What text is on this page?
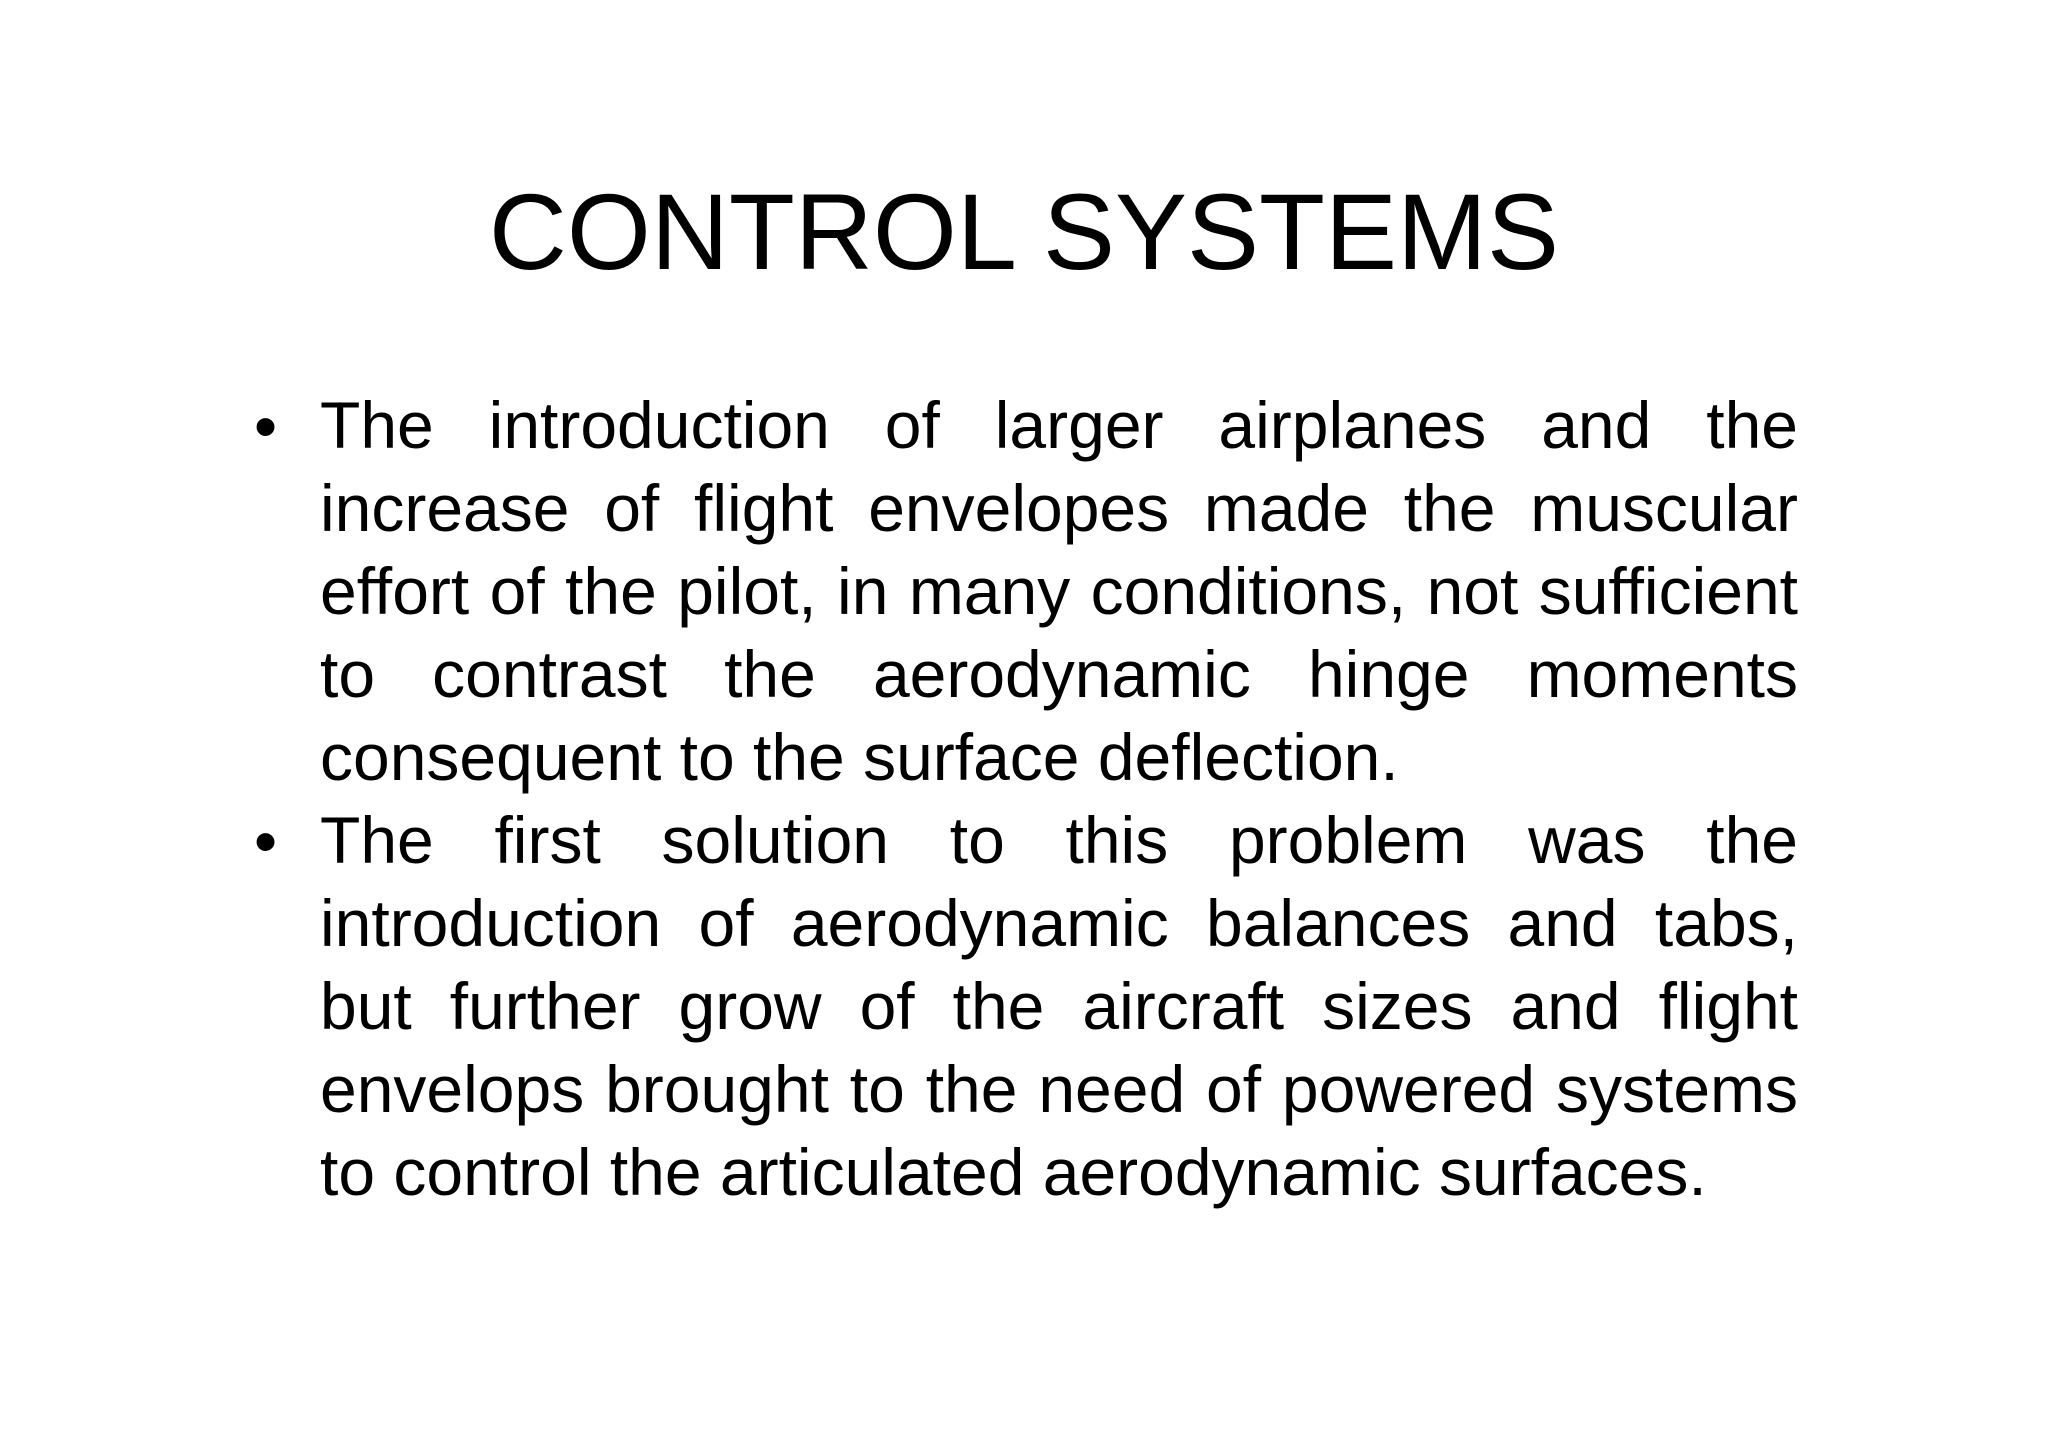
CONTROL SYSTEMS
• The introduction of larger airplanes and the increase of flight envelopes made the muscular effort of the pilot, in many conditions, not sufficient to contrast the aerodynamic hinge moments consequent to the surface deflection.
• The first solution to this problem was the introduction of aerodynamic balances and tabs, but further grow of the aircraft sizes and flight envelops brought to the need of powered systems to control the articulated aerodynamic surfaces.
